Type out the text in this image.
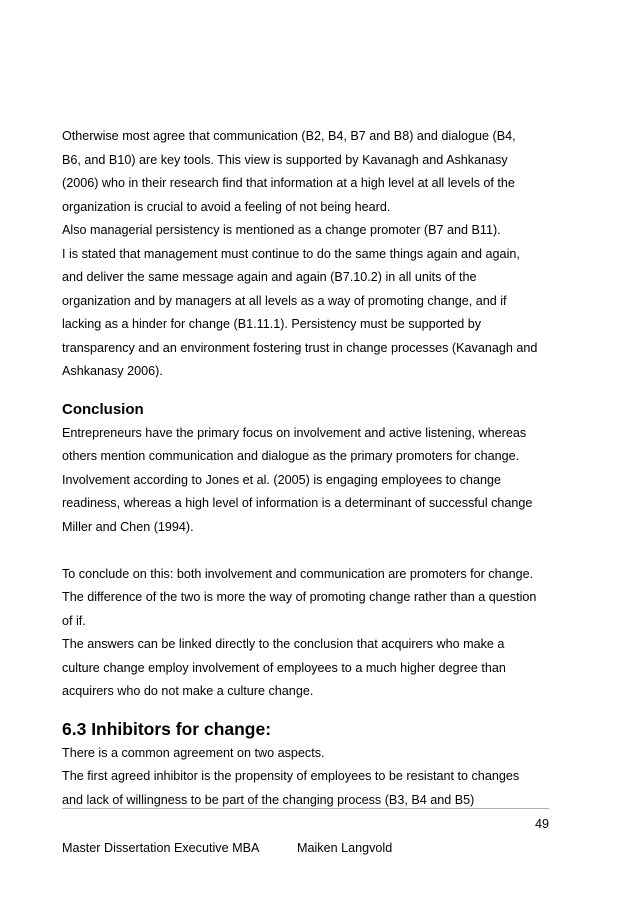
Otherwise most agree that communication (B2, B4, B7 and B8) and dialogue (B4,
B6, and B10) are key tools. This view is supported by Kavanagh and Ashkanasy
(2006) who in their research find that information at a high level at all levels of the
organization is crucial to avoid a feeling of not being heard.
Also managerial persistency is mentioned as a change promoter (B7 and B11).
I is stated that management must continue to do the same things again and again,
and deliver the same message again and again (B7.10.2) in all units of the
organization and by managers at all levels as a way of promoting change, and if
lacking as a hinder for change (B1.11.1). Persistency must be supported by
transparency and an environment fostering trust in change processes (Kavanagh and
Ashkanasy 2006).
Conclusion
Entrepreneurs have the primary focus on involvement and active listening, whereas
others mention communication and dialogue as the primary promoters for change.
Involvement according to Jones et al. (2005) is engaging employees to change
readiness, whereas a high level of information is a determinant of successful change
Miller and Chen (1994).
To conclude on this: both involvement and communication are promoters for change.
The difference of the two is more the way of promoting change rather than a question
of if.
The answers can be linked directly to the conclusion that acquirers who make a
culture change employ involvement of employees to a much higher degree than
acquirers who do not make a culture change.
6.3 Inhibitors for change:
There is a common agreement on two aspects.
The first agreed inhibitor is the propensity of employees to be resistant to changes
and lack of willingness to be part of the changing process (B3, B4 and B5)
49
Master Dissertation Executive MBA	Maiken Langvold
